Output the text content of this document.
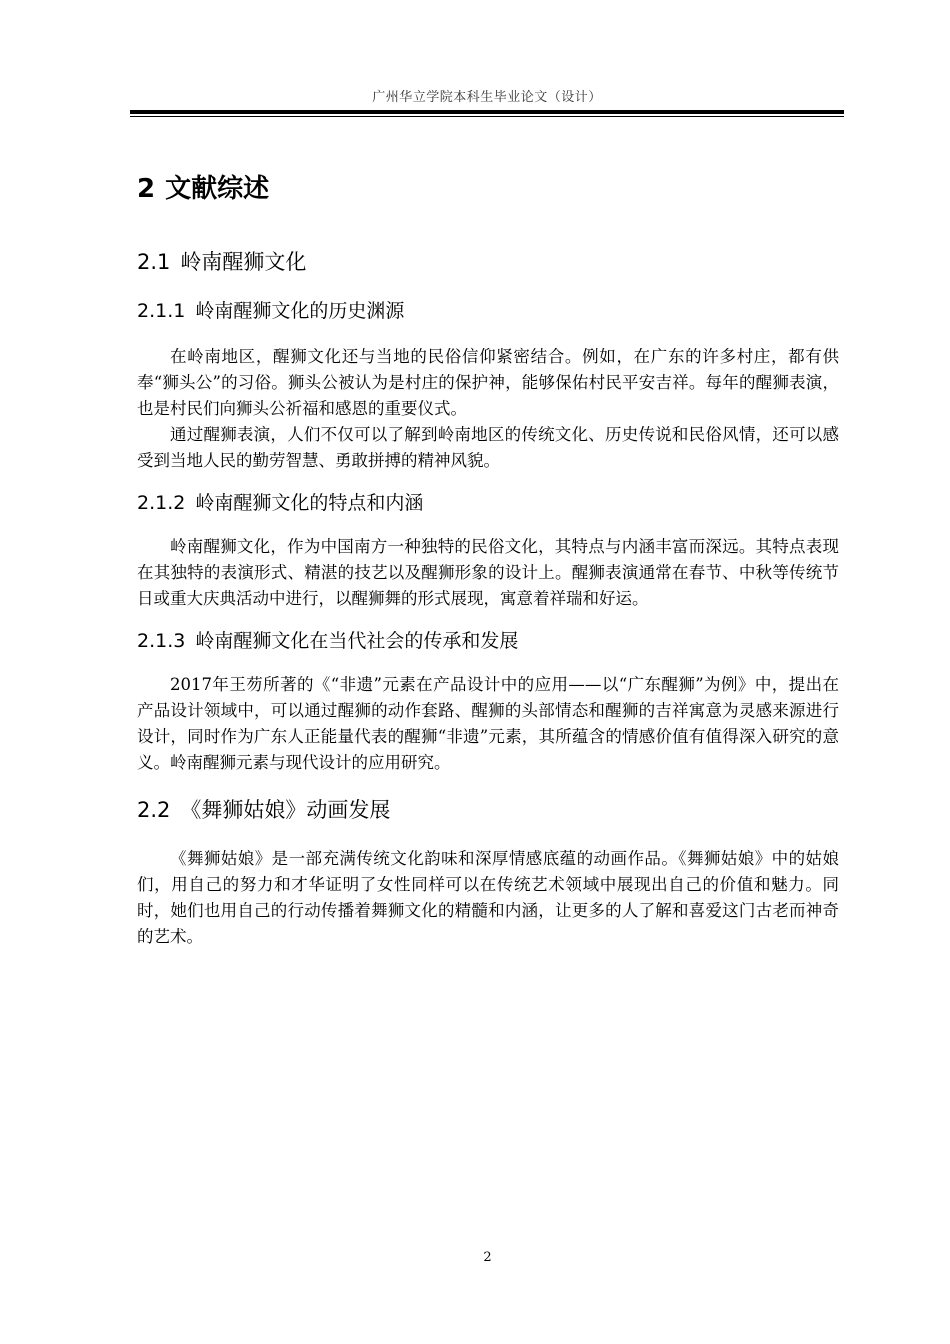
广州华立学院本科生毕业论文（设计）
2 文献综述
2.1 岭南醒狮文化
2.1.1 岭南醒狮文化的历史渊源

在岭南地区，醒狮文化还与当地的民俗信仰紧密结合。例如，在广东的许多村庄，都有供奉“狮头公”的习俗。狮头公被认为是村庄的保护神，能够保佑村民平安吉祥。每年的醒狮表演，也是村民们向狮头公祈福和感恩的重要仪式。

通过醒狮表演，人们不仅可以了解到岭南地区的传统文化、历史传说和民俗风情，还可以感受到当地人民的勤劳智慧、勇敢拼搏的精神风貌。

2.1.2 岭南醒狮文化的特点和内涵

岭南醒狮文化，作为中国南方一种独特的民俗文化，其特点与内涵丰富而深远。其特点表现在其独特的表演形式、精湛的技艺以及醒狮形象的设计上。醒狮表演通常在春节、中秋等传统节日或重大庆典活动中进行，以醒狮舞的形式展现，寓意着祥瑞和好运。

2.1.3 岭南醒狮文化在当代社会的传承和发展

2017年王芴所著的《“非遗”元素在产品设计中的应用——以“广东醒狮”为例》中，提出在产品设计领域中，可以通过醒狮的动作套路、醒狮的头部情态和醒狮的吉祥寓意为灵感来源进行设计，同时作为广东人正能量代表的醒狮“非遗”元素，其所蕴含的情感价值有值得深入研究的意义。岭南醒狮元素与现代设计的应用研究。

2.2 《舞狮姑娘》动画发展

《舞狮姑娘》是一部充满传统文化韵味和深厚情感底蕴的动画作品。《舞狮姑娘》中的姑娘们，用自己的努力和才华证明了女性同样可以在传统艺术领域中展现出自己的价值和魅力。同时，她们也用自己的行动传播着舞狮文化的精髓和内涵，让更多的人了解和喜爱这门古老而神奇的艺术。

2
